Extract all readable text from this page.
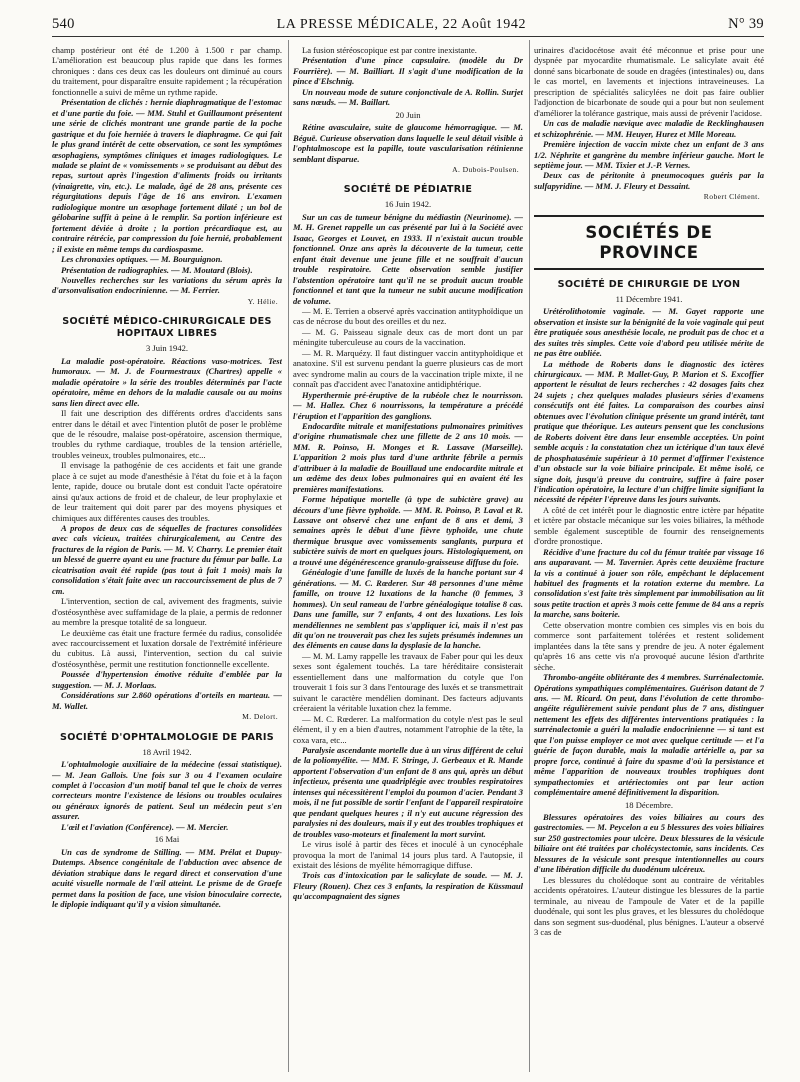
540	LA PRESSE MÉDICALE, 22 Août 1942	N° 39

champ postérieur ont été de 1.200 à 1.500 r par champ. L'amélioration est beaucoup plus rapide que dans les formes chroniques : dans ces deux cas les douleurs ont diminué au cours du traitement, pour disparaître ensuite rapidement ; la récupération fonctionnelle a suivi de même un rythme rapide.

Présentation de clichés : hernie diaphragmatique de l'estomac et d'une partie du foie. — MM. Stuhl et Guillaumont présentent une série de clichés montrant une grande partie de la poche gastrique et du foie herniée à travers le diaphragme. Ce qui fait le plus grand intérêt de cette observation, ce sont les symptômes œsophagiens, symptômes cliniques et images radiologiques. Le malade se plaint de « vomissements » se produisant au début des repas, surtout après l'ingestion d'aliments froids ou irritants (vinaigrette, vin, etc.). Le malade, âgé de 28 ans, présente ces régurgitations depuis l'âge de 16 ans environ. L'examen radiologique montre un œsophage fortement dilaté ; un bol de gélobarine suffit à peine à le remplir. Sa portion inférieure est fortement déviée à droite ; la portion précardiaque est, au contraire rétrécie, par compression du foie hernié, probablement ; il existe en même temps du cardiospasme.

Les chronaxies optiques. — M. Bourguignon.

Présentation de radiographies. — M. Moutard (Blois).

Nouvelles recherches sur les variations du sérum après la d'arsonvalisation endocrinienne. — M. Ferrier.

Y. Hélie.

SOCIÉTÉ MÉDICO-CHIRURGICALE DES HOPITAUX LIBRES

3 Juin 1942.

La maladie post-opératoire. Réactions vaso-motrices. Test humoraux. — M. J. de Fourmestraux (Chartres) appelle « maladie opératoire » la série des troubles déterminés par l'acte opératoire, même en dehors de la maladie causale ou au moins sans lien direct avec elle.

Il fait une description des différents ordres d'accidents sans entrer dans le détail et avec l'intention plutôt de poser le problème que de le résoudre, malaise post-opératoire, ascension thermique, troubles du rythme cardiaque, troubles de la tension artérielle, troubles veineux, troubles pulmonaires, etc...

Il envisage la pathogénie de ces accidents et fait une grande place à ce sujet au mode d'anesthésie à l'état du foie et à la façon lente, rapide, douce ou brutale dont est conduit l'acte opératoire ainsi qu'aux actions de froid et de chaleur, de leur prophylaxie et de leur traitement qui doit parer par des moyens physiques et chimiques aux différentes causes des troubles.

A propos de deux cas de séquelles de fractures consolidées avec cals vicieux, traitées chirurgicalement, au Centre des fractures de la région de Paris. — M. V. Charry. Le premier était un blessé de guerre ayant eu une fracture du fémur par balle. La cicatrisation avait été rapide (pas tout à fait 1 mois) mais la consolidation s'était faite avec un raccourcissement de plus de 7 cm.

L'intervention, section de cal, avivement des fragments, suivie d'ostéosynthèse avec suffamidage de la plaie, a permis de redonner au membre la presque totalité de sa longueur.

Le deuxième cas était une fracture fermée du radius, consolidée avec raccourcissement et luxation dorsale de l'extrémité inférieure du cubitus. Là aussi, l'intervention, section du cal suivie d'ostéosynthèse, permit une restitution fonctionnelle excellente.

Poussée d'hypertension émotive réduite d'emblée par la suggestion. — M. J. Morlaas.

Considérations sur 2.860 opérations d'orteils en marteau. — M. Wallet.

M. Delort.

SOCIÉTÉ D'OPHTALMOLOGIE DE PARIS

18 Avril 1942.

L'ophtalmologie auxiliaire de la médecine (essai statistique). — M. Jean Gallois. Une fois sur 3 ou 4 l'examen oculaire complet à l'occasion d'un motif banal tel que le choix de verres correcteurs montre l'existence de lésions ou troubles oculaires ou généraux ignorés de patient. Seul un médecin peut s'en assurer.

L'œil et l'aviation (Conférence). — M. Mercier.

16 Mai

Un cas de syndrome de Stilling. — MM. Prélat et Dupuy-Dutemps. Absence congénitale de l'abduction avec absence de déviation strabique dans le regard direct et conservation d'une acuité visuelle normale de l'œil atteint. Le prisme de de Graefe permet dans la position de face, une vision binoculaire correcte, le diplopie indiquant qu'il y a vision simultanée.

La fusion stéréoscopique est par contre inexistante.

Présentation d'une pince capsulaire. (modèle du Dr Fourrière). — M. Bailliart. Il s'agit d'une modification de la pince d'Elschnig.

Un nouveau mode de suture conjonctivale de A. Rollin. Surjet sans nœuds. — M. Baillart.

20 Juin

Rétine avasculaire, suite de glaucome hémorragique. — M. Béguë. Curieuse observation dans laquelle le seul détail visible à l'ophtalmoscope est la papille, toute vascularisation rétinienne semblant disparue.

A. Dubois-Poulsen.

SOCIÉTÉ DE PÉDIATRIE

16 Juin 1942.

Sur un cas de tumeur bénigne du médiastin (Neurinome). — M. H. Grenet rappelle un cas présenté par lui à la Société avec Isaac, Georges et Louvet, en 1933. Il n'existait aucun trouble fonctionnel. Onze ans après la découverte de la tumeur, cette enfant était devenue une jeune fille et ne souffrait d'aucun trouble respiratoire. Cette observation semble justifier l'abstention opératoire tant qu'il ne se produit aucun trouble fonctionnel et tant que la tumeur ne subit aucune modification de volume.

— M. E. Terrien a observé après vaccination antityphoïdique un cas de nécrose du bout des oreilles et du nez.

— M. G. Paisseau signale deux cas de mort dont un par méningite tuberculeuse au cours de la vaccination.

— M. R. Marquézy. Il faut distinguer vaccin antityphoïdique et anatoxine. S'il est survenu pendant la guerre plusieurs cas de mort avec syndrome malin au cours de la vaccination triple mixte, il ne connaît pas d'accident avec l'anatoxine antidiphtérique.

Hyperthermie pré-éruptive de la rubéole chez le nourrisson. — M. Hallez. Chez 6 nourrissons, la température a précédé l'éruption et l'apparition des ganglions.

Endocardite mitrale et manifestations pulmonaires primitives d'origine rhumatismale chez une fillette de 2 ans 10 mois. — MM. R. Poinso, H. Monges et R. Lassave (Marseille). L'apparition 2 mois plus tard d'une arthrite fébrile a permis d'attribuer à la maladie de Bouillaud une endocardite mitrale et un œdème des deux lobes pulmonaires qui en avaient été les premières manifestations.

Forme hépatique mortelle (à type de subictère grave) au décours d'une fièvre typhoïde. — MM. R. Poinso, P. Laval et R. Lassave ont observé chez une enfant de 8 ans et demi, 3 semaines après le début d'une fièvre typhoïde, une chute thermique brusque avec vomissements sanglants, purpura et subictère suivis de mort en quelques jours. Histologiquement, on a trouvé une dégénérescence granulo-graisseuse diffuse du foie.

Généalogie d'une famille de luxés de la hanche portant sur 4 générations. — M. C. Rœderer. Sur 48 personnes d'une même famille, on trouve 12 luxations de la hanche (0 femmes, 3 hommes). Un seul rameau de l'arbre généalogique totalise 8 cas. Dans une famille, sur 7 enfants, 4 ont des luxations. Les lois mendéliennes ne semblent pas s'appliquer ici, mais il n'est pas dit qu'on ne trouverait pas chez les sujets présumés indemnes un des éléments en cause dans la dysplasie de la hanche.

— M. M. Lamy rappelle les travaux de Faber pour qui les deux sexes sont également touchés. La tare héréditaire consisterait essentiellement dans une malformation du cotyle que l'on trouverait 1 fois sur 3 dans l'entourage des luxés et se transmettrait suivant le caractère mendélien dominant. Des facteurs adjuvants créeraient la véritable luxation chez la femme.

— M. C. Rœderer. La malformation du cotyle n'est pas le seul élément, il y en a bien d'autres, notamment l'atrophie de la tête, la coxa vara, etc...

Paralysie ascendante mortelle due à un virus différent de celui de la poliomyélite. — MM. F. Stringe, J. Gerbeaux et R. Mande apportent l'observation d'un enfant de 8 ans qui, après un début infectieux, présenta une quadriplégie avec troubles respiratoires intenses qui nécessitèrent l'emploi du poumon d'acier. Pendant 3 mois, il ne fut possible de sortir l'enfant de l'appareil respiratoire que pendant quelques heures ; il n'y eut aucune régression des paralysies ni des douleurs, mais il y eut des troubles trophiques et de troubles vaso-moteurs et finalement la mort survint.

Le virus isolé à partir des fèces et inoculé à un cynocéphale provoqua la mort de l'animal 14 jours plus tard. A l'autopsie, il existait des lésions de myélite hémorragique diffuse.

Trois cas d'intoxication par le salicylate de soude. — M. J. Fleury (Rouen). Chez ces 3 enfants, la respiration de Küssmaul qu'accompagnaient des signes

urinaires d'acidocétose avait été méconnue et prise pour une dyspnée par myocardite rhumatismale. Le salicylate avait été donné sans bicarbonate de soude en dragées (intestinales) ou, dans le cas mortel, en lavements et injections intraveineuses. La prescription de spécialités salicylées ne doit pas faire oublier l'adjonction de bicarbonate de soude qui a pour but non seulement d'améliorer la tolérance gastrique, mais aussi de prévenir l'acidose.

Un cas de maladie nævique avec maladie de Recklinghausen et schizophrénie. — MM. Heuyer, Hurez et Mlle Moreau.

Première injection de vaccin mixte chez un enfant de 3 ans 1/2. Néphrite et gangrène du membre inférieur gauche. Mort le septième jour. — MM. Tixier et J.-P. Vernes.

Deux cas de péritonite à pneumocoques guéris par la sulfapyridine. — MM. J. Fleury et Dessaint.

Robert Clément.

SOCIÉTÉS DE PROVINCE
SOCIÉTÉ DE CHIRURGIE DE LYON

11 Décembre 1941.

Urétérolithotomie vaginale. — M. Gayet rapporte une observation et insiste sur la bénignité de la voie vaginale qui peut être pratiquée sous anesthésie locale, ne produit pas de choc et a des suites très simples. Cette voie d'abord peu utilisée mérite de ne pas être oubliée.

La méthode de Roberts dans le diagnostic des ictères chirurgicaux. — MM. P. Mallet-Guy, P. Marion et S. Excoffier apportent le résultat de leurs recherches : 42 dosages faits chez 24 sujets ; chez quelques malades plusieurs séries d'examens consécutifs ont été faites. La comparaison des courbes ainsi obtenues avec l'évolution clinique présente un grand intérêt, tant pratique que théorique. Les auteurs pensent que les conclusions de Roberts doivent être dans leur ensemble acceptées. Un point semble acquis : la constatation chez un ictérique d'un taux élevé de phosphatasémie supérieur à 10 permet d'affirmer l'existence d'un obstacle sur la voie biliaire principale. Et même isolé, ce signe doit, jusqu'à preuve du contraire, suffire à faire poser l'indication opératoire, la lecture d'un chiffre limite signifiant la nécessité de répéter l'épreuve dans les jours suivants.

A côté de cet intérêt pour le diagnostic entre ictère par hépatite et ictère par obstacle mécanique sur les voies biliaires, la méthode semble également susceptible de fournir des renseignements d'ordre pronostique.

Récidive d'une fracture du col du fémur traitée par vissage 16 ans auparavant. — M. Tavernier. Après cette deuxième fracture la vis a continué à jouer son rôle, empêchant le déplacement habituel des fragments et la rotation externe du membre. La consolidation s'est faite très simplement par immobilisation au lit sous petite traction et après 3 mois cette femme de 84 ans a repris la marche, sans boiterie.

Cette observation montre combien ces simples vis en bois du commerce sont parfaitement tolérées et restent solidement implantées dans la tête sans y prendre de jeu. A noter également qu'après 16 ans cette vis n'a provoqué aucune lésion d'arthrite sèche.

Thrombo-angéite oblitérante des 4 membres. Surrénalectomie. Opérations sympathiques complémentaires. Guérison datant de 7 ans. — M. Ricard. On peut, dans l'évolution de cette thrombo-angéite régulièrement suivie pendant plus de 7 ans, distinguer nettement les effets des différentes interventions pratiquées : la surrénalectomie a guéri la maladie endocrinienne — si tant est que l'on puisse employer ce mot avec quelque certitude — et l'a guérie de façon durable, mais la maladie artérielle a, par sa propre force, continué à faire du spasme d'où la persistance et même l'apparition de nouveaux troubles trophiques dont sympathectomies et artériectomies ont par leur action complémentaire amené définitivement la disparition.

18 Décembre.

Blessures opératoires des voies biliaires au cours des gastrectomies. — M. Peycelon a eu 5 blessures des voies biliaires sur 250 gastrectomies pour ulcère. Deux blessures de la vésicule biliaire ont été traitées par cholécystectomie, sans incidents. Ces blessures de la vésicule sont presque intentionnelles au cours d'une libération difficile du duodénum ulcéreux.

Les blessures du cholédoque sont au contraire de véritables accidents opératoires. L'auteur distingue les blessures de la partie terminale, au niveau de l'ampoule de Vater et de la papille duodénale, qui sont les plus graves, et les blessures du cholédoque dans son segment sus-duodénal, plus bénignes. L'auteur a observé 3 cas de
